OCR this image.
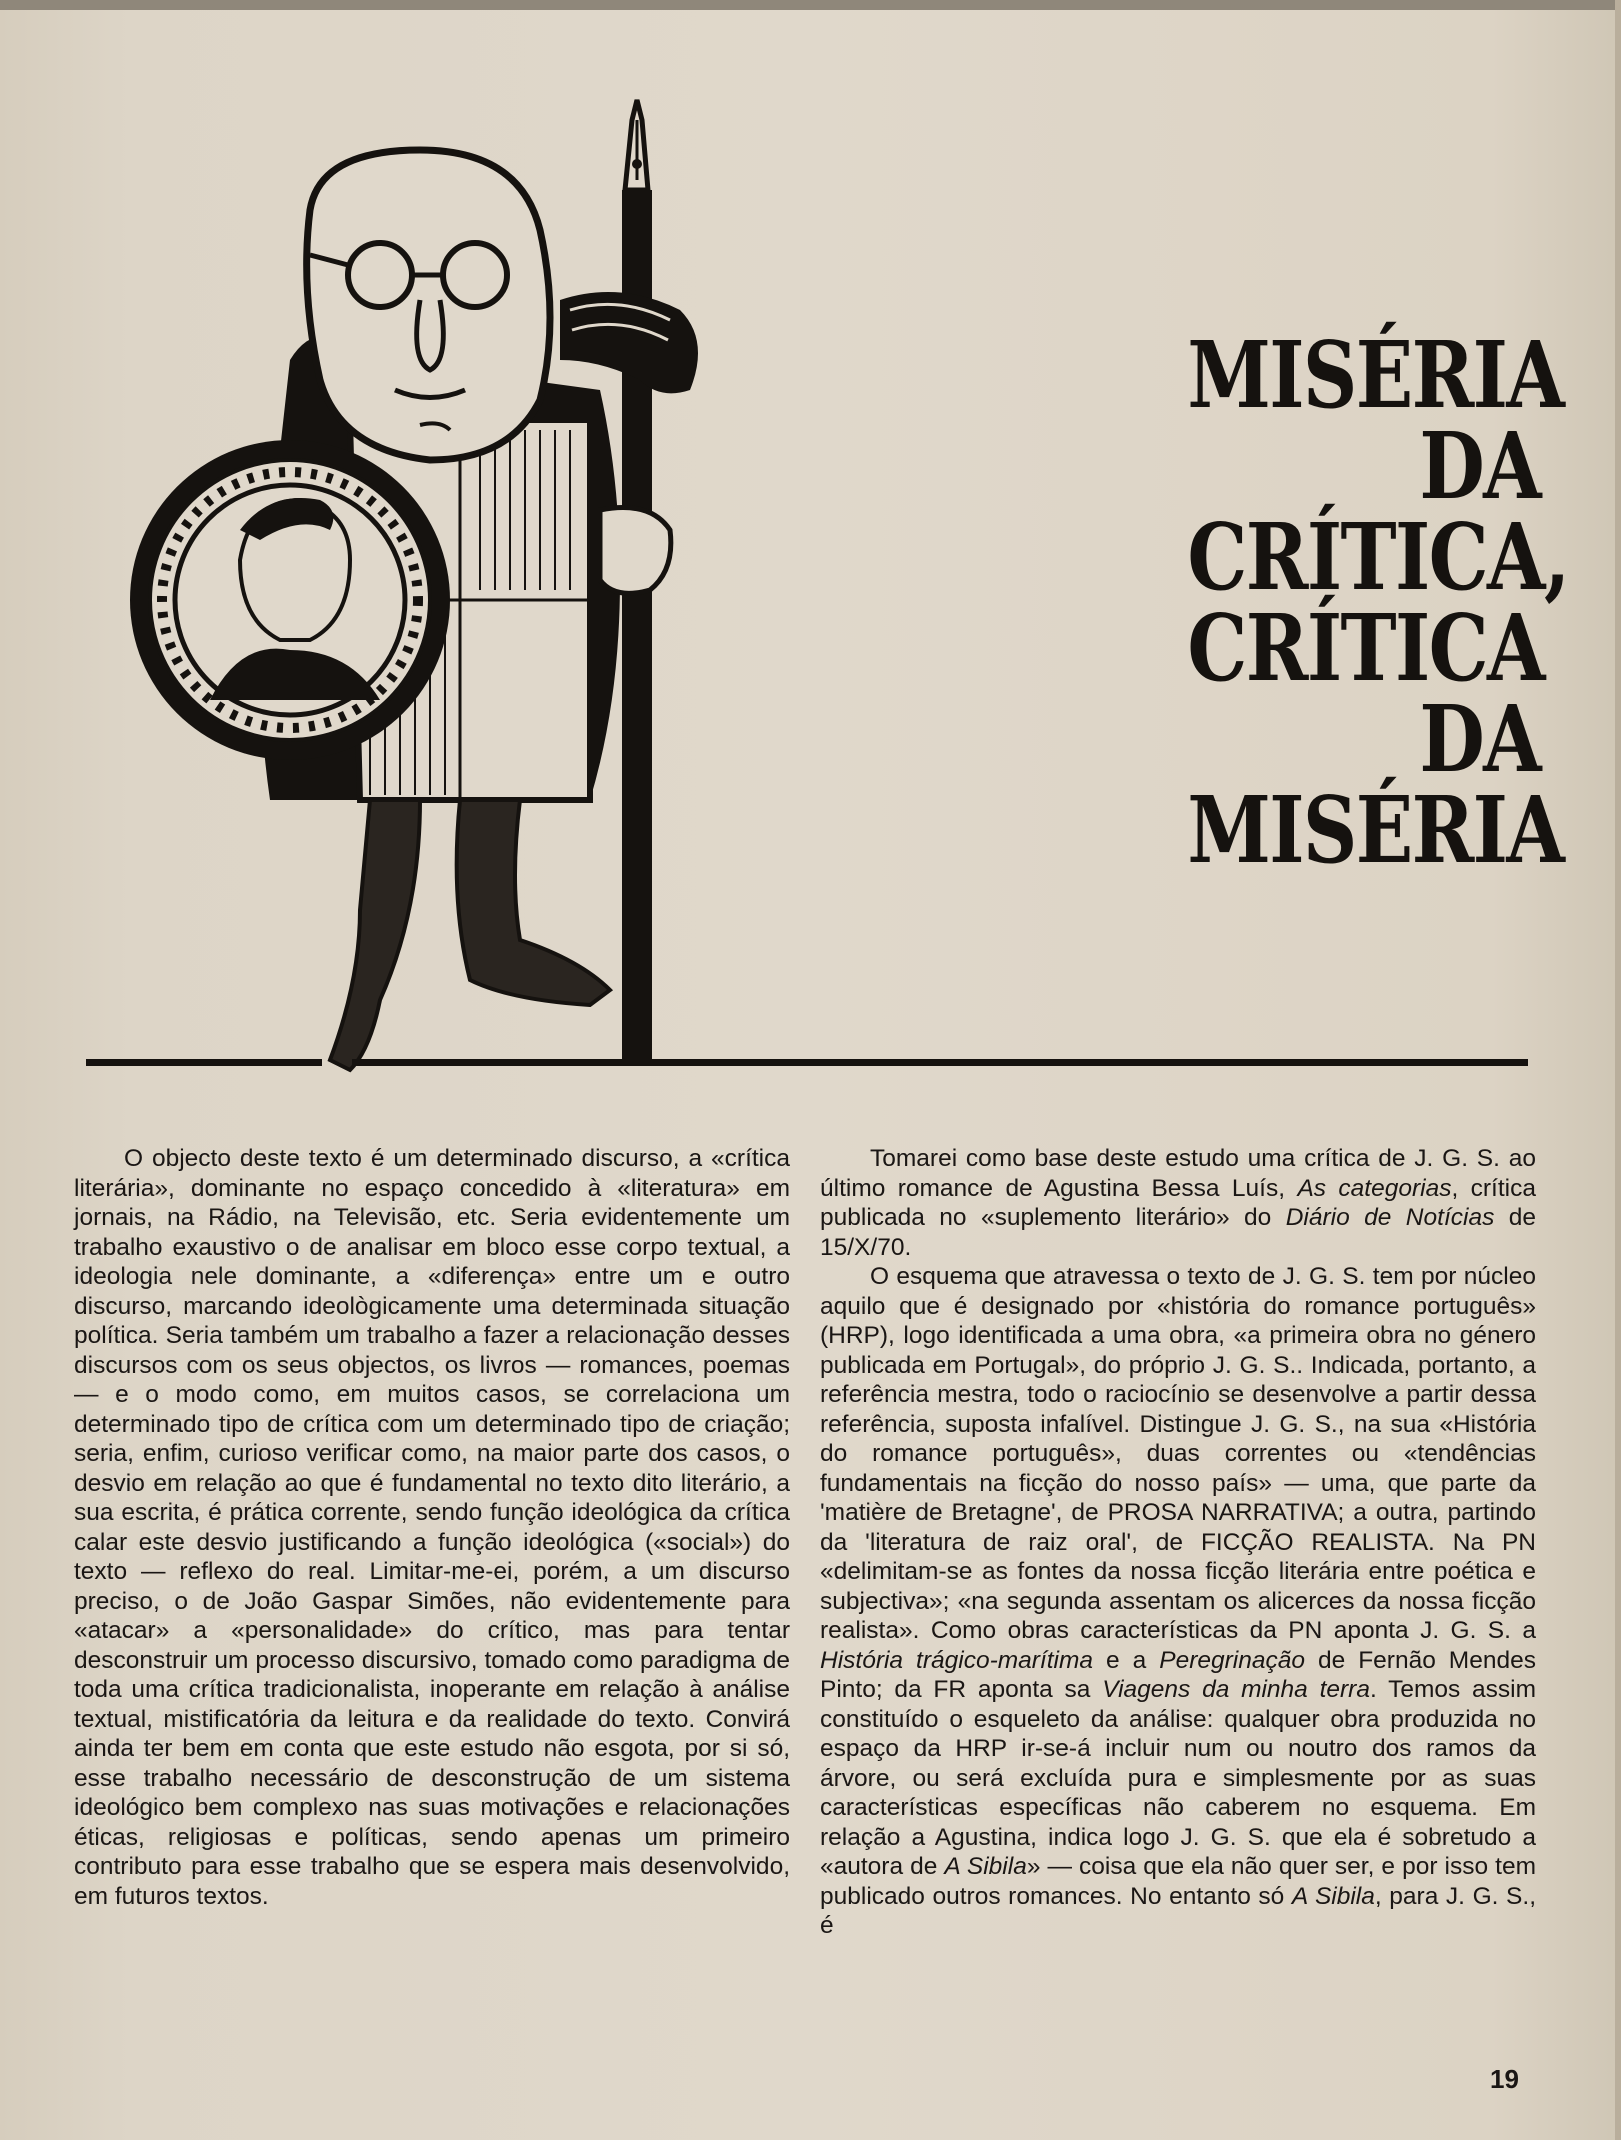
MISÉRIA
DA
CRÍTICA,
CRÍTICA
DA
MISÉRIA

O objecto deste texto é um determinado discurso, a «crítica literária», dominante no espaço concedido à «literatura» em jornais, na Rádio, na Televisão, etc. Seria evidentemente um trabalho exaustivo o de analisar em bloco esse corpo textual, a ideologia nele dominante, a «diferença» entre um e outro discurso, marcando ideològicamente uma determinada situação política. Seria também um trabalho a fazer a relacionação desses discursos com os seus objectos, os livros — romances, poemas — e o modo como, em muitos casos, se correlaciona um determinado tipo de crítica com um determinado tipo de criação; seria, enfim, curioso verificar como, na maior parte dos casos, o desvio em relação ao que é fundamental no texto dito literário, a sua escrita, é prática corrente, sendo função ideológica da crítica calar este desvio justificando a função ideológica («social») do texto — reflexo do real. Limitar-me-ei, porém, a um discurso preciso, o de João Gaspar Simões, não evidentemente para «atacar» a «personalidade» do crítico, mas para tentar desconstruir um processo discursivo, tomado como paradigma de toda uma crítica tradicionalista, inoperante em relação à análise textual, mistificatória da leitura e da realidade do texto. Convirá ainda ter bem em conta que este estudo não esgota, por si só, esse trabalho necessário de desconstrução de um sistema ideológico bem complexo nas suas motivações e relacionações éticas, religiosas e políticas, sendo apenas um primeiro contributo para esse trabalho que se espera mais desenvolvido, em futuros textos.

Tomarei como base deste estudo uma crítica de J. G. S. ao último romance de Agustina Bessa Luís, As categorias, crítica publicada no «suplemento literário» do Diário de Notícias de 15/X/70.

O esquema que atravessa o texto de J. G. S. tem por núcleo aquilo que é designado por «história do romance português» (HRP), logo identificada a uma obra, «a primeira obra no género publicada em Portugal», do próprio J. G. S.. Indicada, portanto, a referência mestra, todo o raciocínio se desenvolve a partir dessa referência, suposta infalível. Distingue J. G. S., na sua «História do romance português», duas correntes ou «tendências fundamentais na ficção do nosso país» — uma, que parte da 'matière de Bretagne', de PROSA NARRATIVA; a outra, partindo da 'literatura de raiz oral', de FICÇÃO REALISTA. Na PN «delimitam-se as fontes da nossa ficção literária entre poética e subjectiva»; «na segunda assentam os alicerces da nossa ficção realista». Como obras características da PN aponta J. G. S. a História trágico-marítima e a Peregrinação de Fernão Mendes Pinto; da FR aponta sa Viagens da minha terra. Temos assim constituído o esqueleto da análise: qualquer obra produzida no espaço da HRP ir-se-á incluir num ou noutro dos ramos da árvore, ou será excluída pura e simplesmente por as suas características específicas não caberem no esquema. Em relação a Agustina, indica logo J. G. S. que ela é sobretudo a «autora de A Sibila» — coisa que ela não quer ser, e por isso tem publicado outros romances. No entanto só A Sibila, para J. G. S., é

19
